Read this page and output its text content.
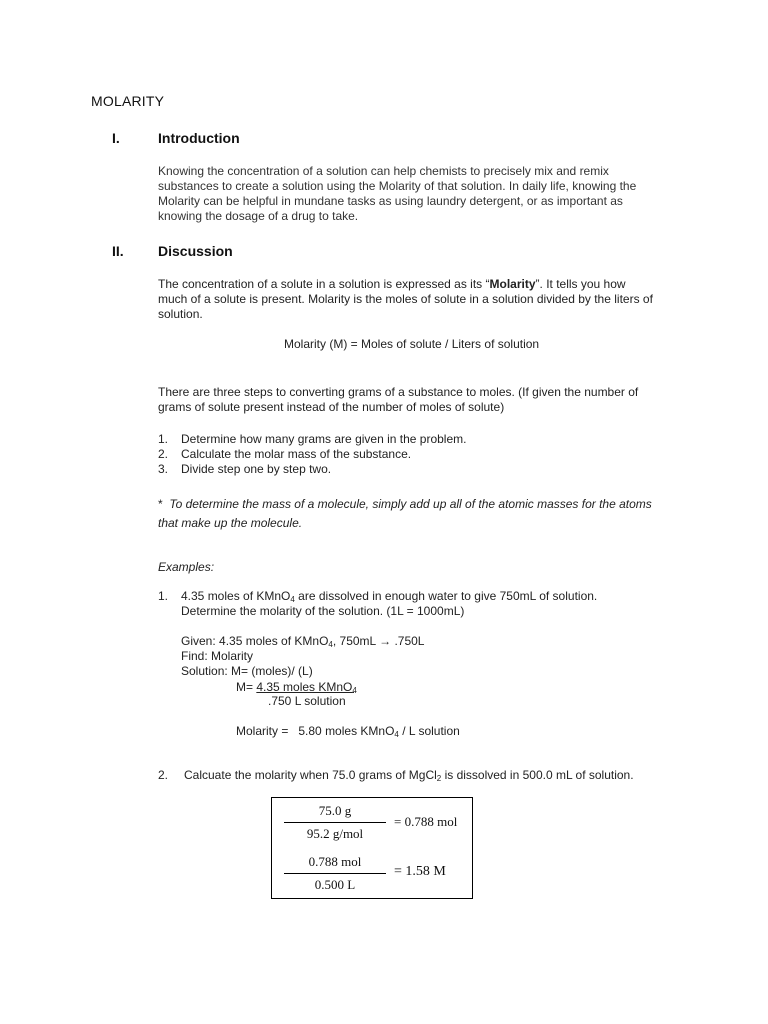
MOLARITY
I.	Introduction
Knowing the concentration of a solution can help chemists to precisely mix and remix
substances to create a solution using the Molarity of that solution. In daily life, knowing the
Molarity can be helpful in mundane tasks as using laundry detergent, or as important as
knowing the dosage of a drug to take.
II. Discussion
The concentration of a solute in a solution is expressed as its “Molarity”. It tells you how
much of a solute is present. Molarity is the moles of solute in a solution divided by the liters of
solution.
Molarity (M) = Moles of solute / Liters of solution
There are three steps to converting grams of a substance to moles. (If given the number of
grams of solute present instead of the number of moles of solute)
1. Determine how many grams are given in the problem.
2. Calculate the molar mass of the substance.
3. Divide step one by step two.
* To determine the mass of a molecule, simply add up all of the atomic masses for the atoms
that make up the molecule.
Examples:
1. 4.35 moles of KMnO$_4$ are dissolved in enough water to give 750mL of solution.
Determine the molarity of the solution. (1L = 1000mL)
Given: 4.35 moles of KMnO$_4$, 750mL → .750L
Find: Molarity
Solution: M= (moles)/ (L)
M= 4.35 moles KMnO$_4$
.750 L solution
Molarity = 5.80 moles KMnO$_4$ / L solution
2. Calcuate the molarity when 75.0 grams of MgCl$_2$ is dissolved in 500.0 mL of solution.
75.0 g
95.2 g/mol
= 0.788 mol
0.788 mol
0.500 L
= 1.58 M
